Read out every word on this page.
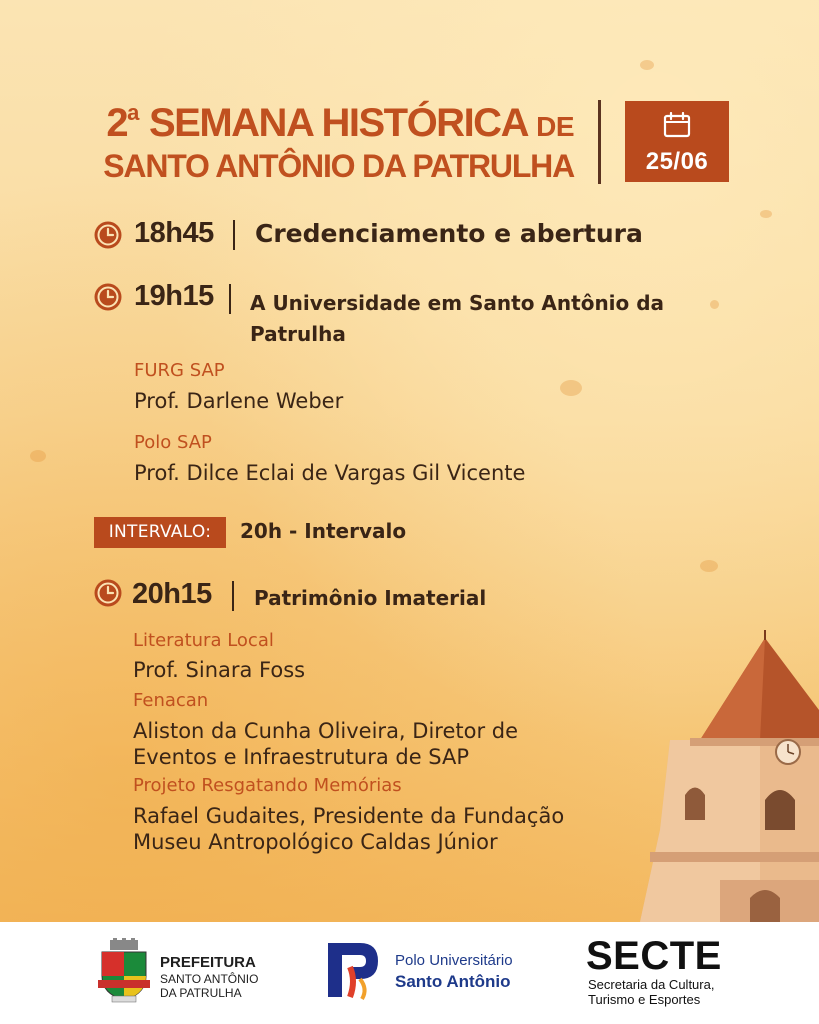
2$^a$ SEMANA HISTÓRICA DE
SANTO ANTÔNIO DA PATRULHA	25/06
18h45 Credenciamento e abertura
19h15 A Universidade em Santo Antônio da
Patrulha
FURG SAP
Prof. Darlene Weber
Polo SAP
Prof. Dilce Eclai de Vargas Gil Vicente
INTERVALO:	20h - Intervalo
20h15 Patrimônio Imaterial
Literatura Local
Prof. Sinara Foss
Fenacan
Aliston da Cunha Oliveira, Diretor de
Eventos e Infraestrutura de SAP
Projeto Resgatando Memórias
Rafael Gudaites, Presidente da Fundação
Museu Antropológico Caldas Júnior
PREFEITURA
SANTO ANTÔNIO
DA PATRULHA
Polo Universitário
Santo Antônio
SECTE
Secretaria da Cultura,
Turismo e Esportes
